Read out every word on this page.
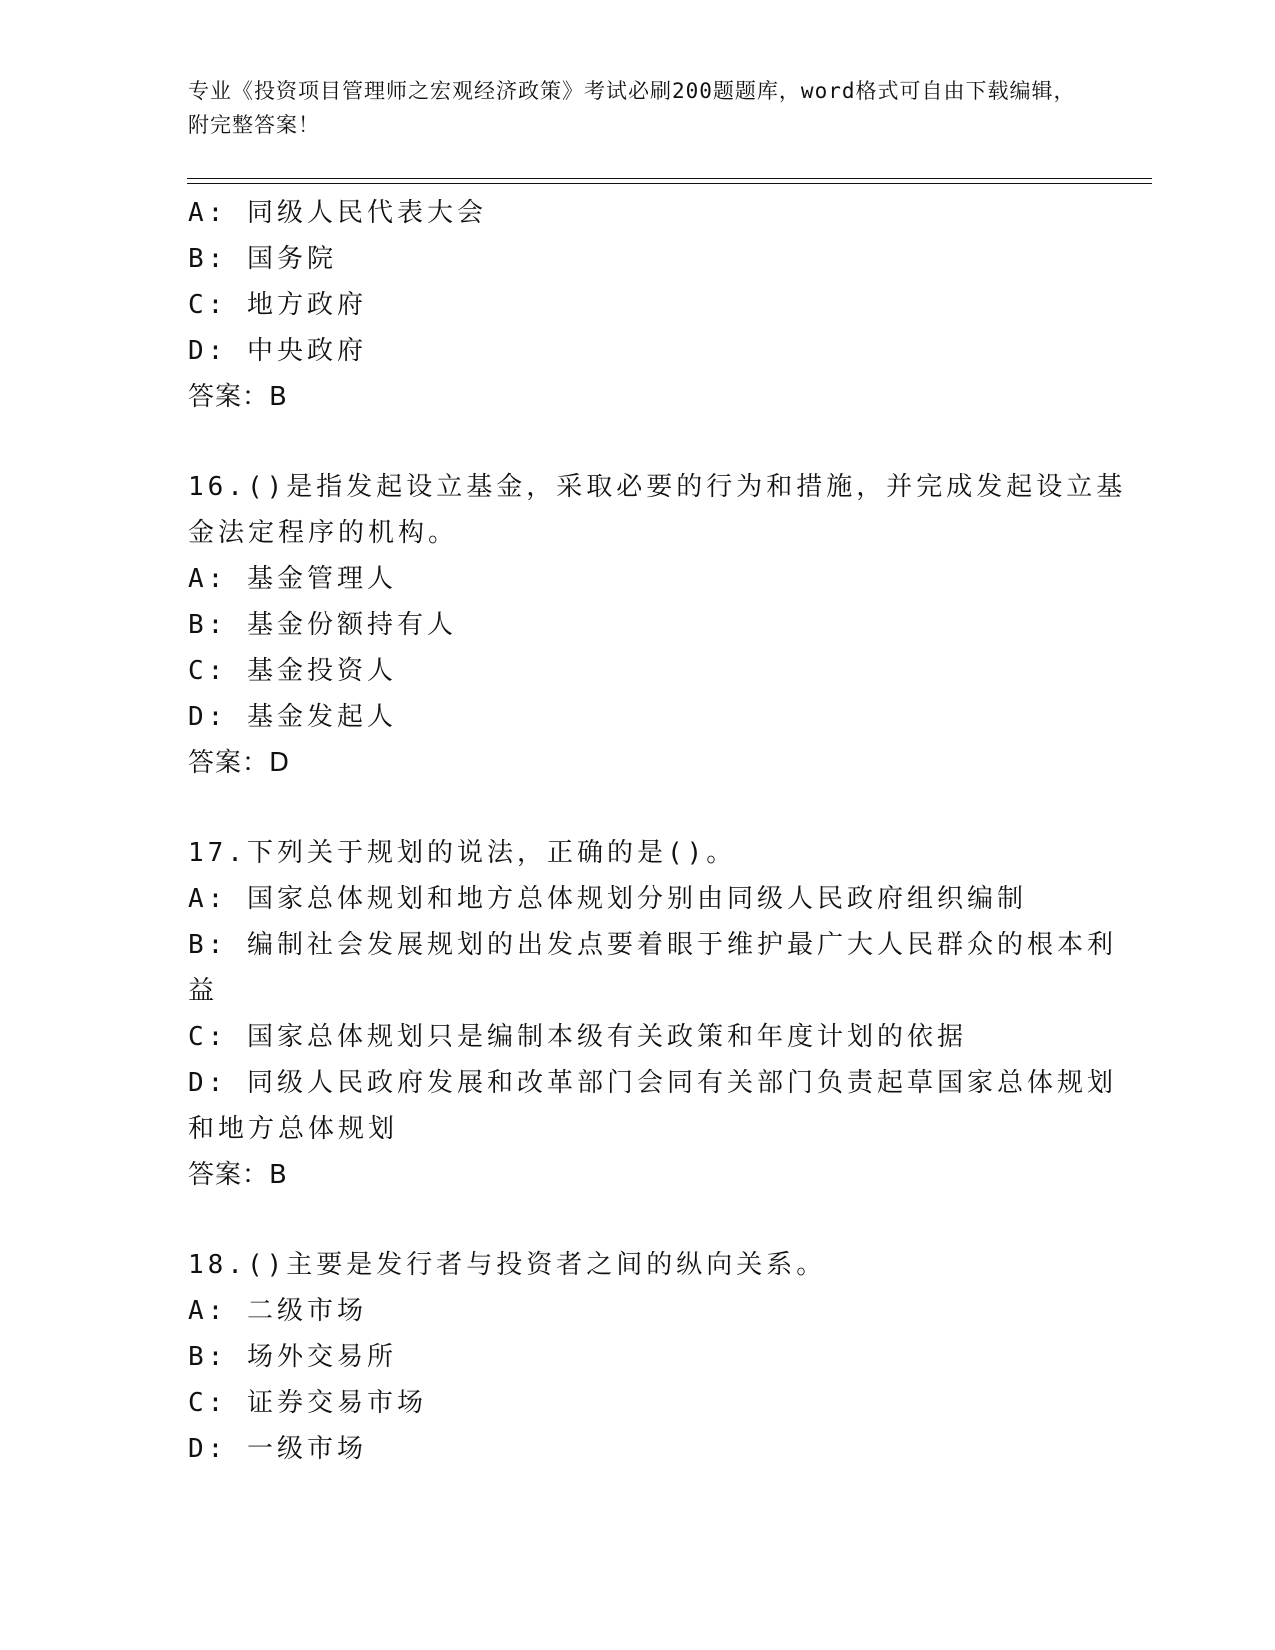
专业《投资项目管理师之宏观经济政策》考试必刷200题题库，word格式可自由下载编辑，附完整答案！
A: 同级人民代表大会
B: 国务院
C: 地方政府
D: 中央政府
答案：B
16.()是指发起设立基金，采取必要的行为和措施，并完成发起设立基
金法定程序的机构。
A: 基金管理人
B: 基金份额持有人
C: 基金投资人
D: 基金发起人
答案：D
17.下列关于规划的说法，正确的是()。
A: 国家总体规划和地方总体规划分别由同级人民政府组织编制
B: 编制社会发展规划的出发点要着眼于维护最广大人民群众的根本利
益
C: 国家总体规划只是编制本级有关政策和年度计划的依据
D: 同级人民政府发展和改革部门会同有关部门负责起草国家总体规划
和地方总体规划
答案：B
18.()主要是发行者与投资者之间的纵向关系。
A: 二级市场
B: 场外交易所
C: 证券交易市场
D: 一级市场
